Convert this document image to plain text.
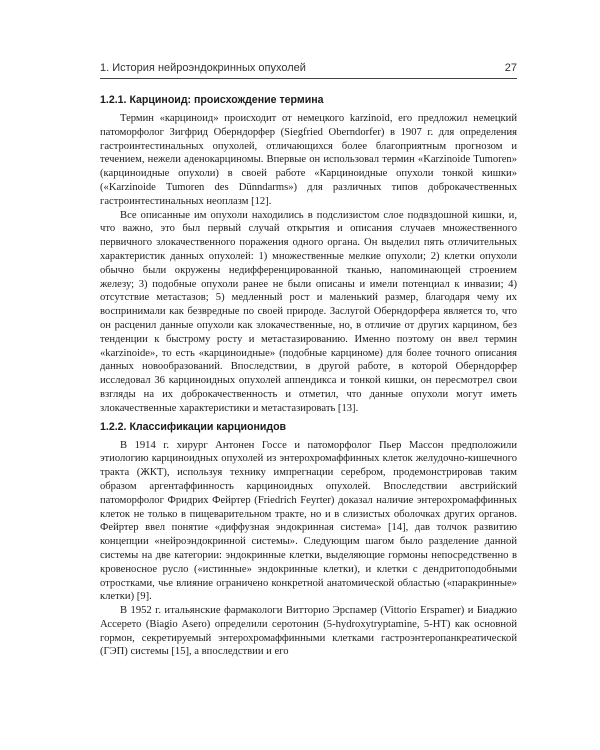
1. История нейроэндокринных опухолей	27
1.2.1. Карциноид: происхождение термина

Термин «карциноид» происходит от немецкого karzinoid, его предложил немецкий патоморфолог Зигфрид Оберндорфер (Siegfried Oberndorfer) в 1907 г. для определения гастроинтестинальных опухолей, отличающихся более благоприятным прогнозом и течением, нежели аденокарциномы. Впервые он использовал термин «Karzinoide Tumoren» (карциноидные опухоли) в своей работе «Карциноидные опухоли тонкой кишки» («Karzinoide Tumoren des Dünndarms») для различных типов доброкачественных гастроинтестинальных неоплазм [12].

Все описанные им опухоли находились в подслизистом слое подвздошной кишки, и, что важно, это был первый случай открытия и описания случаев множественного первичного злокачественного поражения одного органа. Он выделил пять отличительных характеристик данных опухолей: 1) множественные мелкие опухоли; 2) клетки опухоли обычно были окружены недифференцированной тканью, напоминающей строением железу; 3) подобные опухоли ранее не были описаны и имели потенциал к инвазии; 4) отсутствие метастазов; 5) медленный рост и маленький размер, благодаря чему их воспринимали как безвредные по своей природе. Заслугой Оберндорфера является то, что он расценил данные опухоли как злокачественные, но, в отличие от других карцином, без тенденции к быстрому росту и метастазированию. Именно поэтому он ввел термин «karzinoide», то есть «карциноидные» (подобные карциноме) для более точного описания данных новообразований. Впоследствии, в другой работе, в которой Оберндорфер исследовал 36 карциноидных опухолей аппендикса и тонкой кишки, он пересмотрел свои взгляды на их доброкачественность и отметил, что данные опухоли могут иметь злокачественные характеристики и метастазировать [13].

1.2.2. Классификации карционидов

В 1914 г. хирург Антонен Госсе и патоморфолог Пьер Массон предположили этиологию карциноидных опухолей из энтерохромаффинных клеток желудочно-кишечного тракта (ЖКТ), используя технику импрегнации серебром, продемонстрировав таким образом аргентаффинность карциноидных опухолей. Впоследствии австрийский патоморфолог Фридрих Фейртер (Friedrich Feyrter) доказал наличие энтерохромаффинных клеток не только в пищеварительном тракте, но и в слизистых оболочках других органов. Фейртер ввел понятие «диффузная эндокринная система» [14], дав толчок развитию концепции «нейроэндокринной системы». Следующим шагом было разделение данной системы на две категории: эндокринные клетки, выделяющие гормоны непосредственно в кровеносное русло («истинные» эндокринные клетки), и клетки с дендритоподобными отростками, чье влияние ограничено конкретной анатомической областью («паракринные» клетки) [9].

В 1952 г. итальянские фармакологи Витторио Эрспамер (Vittorio Erspamer) и Биаджио Ассерето (Biagio Asero) определили серотонин (5-hydroxytryptamine, 5-HT) как основной гормон, секретируемый энтерохромаффинными клетками гастроэнтеропанкреатической (ГЭП) системы [15], а впоследствии и его
